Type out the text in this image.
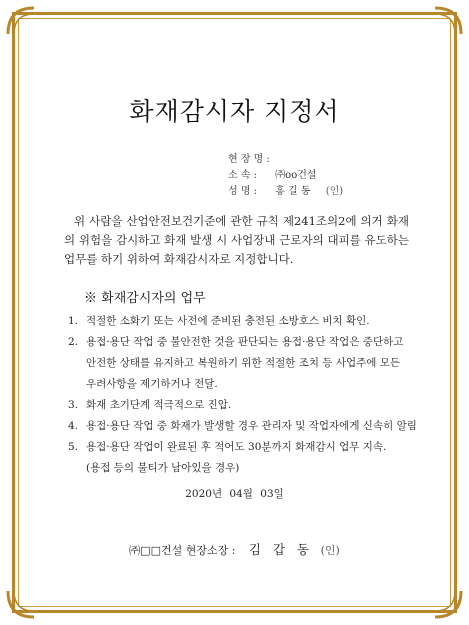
화재감시자 지정서
현 장 명 :
소 속 : ㈜oo건설
성 명 : 홍 길 동 (인)

위 사람을 산업안전보건기준에 관한 규칙 제241조의2에 의거 화재의 위험을 감시하고 화재 발생 시 사업장내 근로자의 대피를 유도하는 업무를 하기 위하여 화재감시자로 지정합니다.

※ 화재감시자의 업무
1. 적절한 소화기 또는 사전에 준비된 충전된 소방호스 비치 확인.
2. 용접·용단 작업 중 불안전한 것을 판단되는 용접·용단 작업은 중단하고
안전한 상태를 유지하고 복원하기 위한 적절한 조치 등 사업주에 모든
우려사항을 제기하거나 전달.
3. 화재 초기단계 적극적으로 진압.
4. 용접·용단 작업 중 화재가 발생할 경우 관리자 및 작업자에게 신속히 알림
5. 용접·용단 작업이 완료된 후 적어도 30분까지 화재감시 업무 지속.
(용접 등의 불티가 남아있을 경우)
2020년 04월 03일
㈜□□건설 현장소장 : 김 갑 동 (인)
